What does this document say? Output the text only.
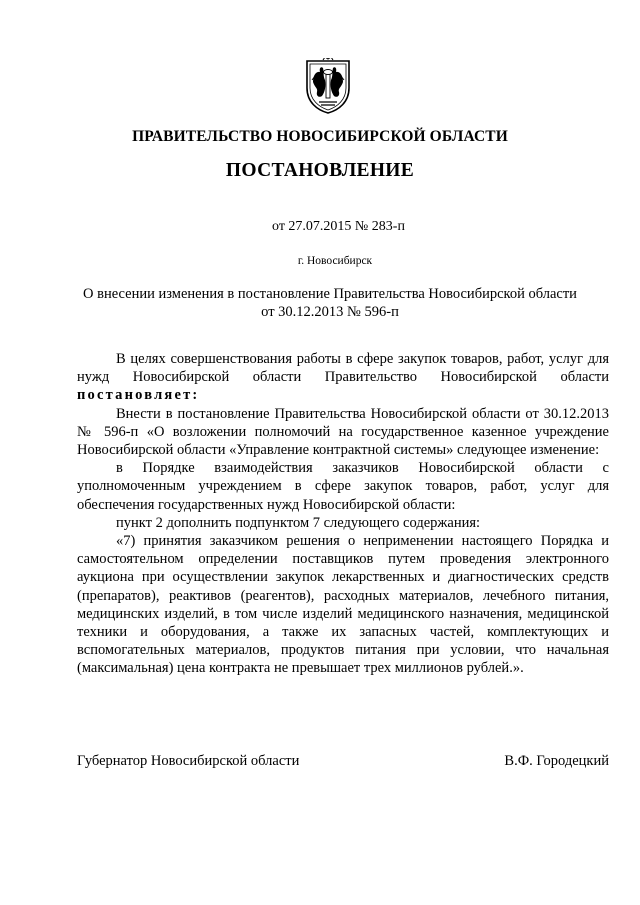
ПРАВИТЕЛЬСТВО НОВОСИБИРСКОЙ ОБЛАСТИ
ПОСТАНОВЛЕНИЕ
от 27.07.2015 № 283-п
г. Новосибирск
О внесении изменения в постановление Правительства Новосибирской области
от 30.12.2013 № 596-п

В целях совершенствования работы в сфере закупок товаров, работ, услуг для нужд Новосибирской области Правительство Новосибирской области постановляет:

Внести в постановление Правительства Новосибирской области от 30.12.2013 № 596-п «О возложении полномочий на государственное казенное учреждение Новосибирской области «Управление контрактной системы» следующее изменение:

в Порядке взаимодействия заказчиков Новосибирской области с уполномоченным учреждением в сфере закупок товаров, работ, услуг для обеспечения государственных нужд Новосибирской области:

пункт 2 дополнить подпунктом 7 следующего содержания:

«7) принятия заказчиком решения о неприменении настоящего Порядка и самостоятельном определении поставщиков путем проведения электронного аукциона при осуществлении закупок лекарственных и диагностических средств (препаратов), реактивов (реагентов), расходных материалов, лечебного питания, медицинских изделий, в том числе изделий медицинского назначения, медицинской техники и оборудования, а также их запасных частей, комплектующих и вспомогательных материалов, продуктов питания при условии, что начальная (максимальная) цена контракта не превышает трех миллионов рублей.».

Губернатор Новосибирской области	В.Ф. Городецкий
